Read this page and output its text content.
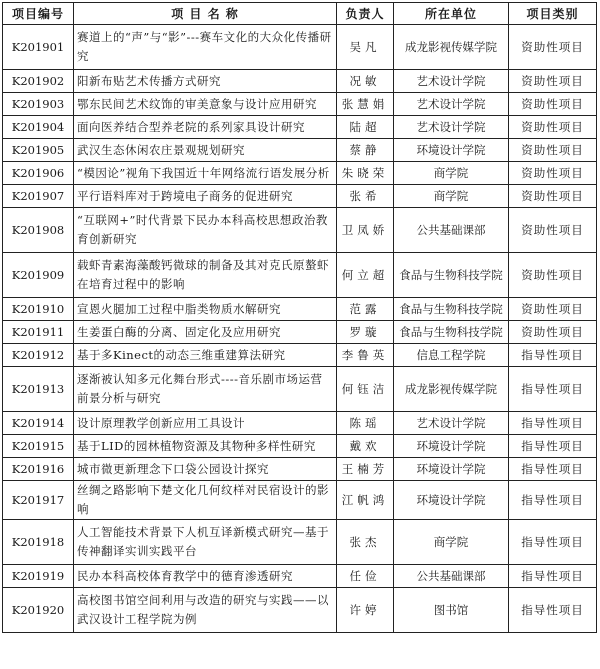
项目编号	项 目 名 称	负责人	所在单位	项目类别
K201901	赛道上的“声”与“影”---赛车文化的大众化传播研究	吴凡	成龙影视传媒学院	资助性项目
K201902	阳新布贴艺术传播方式研究	况敏	艺术设计学院	资助性项目
K201903	鄂东民间艺术纹饰的审美意象与设计应用研究	张慧娟	艺术设计学院	资助性项目
K201904	面向医养结合型养老院的系列家具设计研究	陆超	艺术设计学院	资助性项目
K201905	武汉生态休闲农庄景观规划研究	蔡静	环境设计学院	资助性项目
K201906	“模因论”视角下我国近十年网络流行语发展分析	朱晓荣	商学院	资助性项目
K201907	平行语料库对于跨境电子商务的促进研究	张希	商学院	资助性项目
K201908	“互联网+”时代背景下民办本科高校思想政治教育创新研究	卫凤娇	公共基础课部	资助性项目
K201909	载虾青素海藻酸钙微球的制备及其对克氏原螯虾在培育过程中的影响	何立超	食品与生物科技学院	资助性项目
K201910	宣恩火腿加工过程中脂类物质水解研究	范露	食品与生物科技学院	资助性项目
K201911	生姜蛋白酶的分离、固定化及应用研究	罗璇	食品与生物科技学院	资助性项目
K201912	基于多Kinect的动态三维重建算法研究	李鲁英	信息工程学院	指导性项目
K201913	逐渐被认知多元化舞台形式----音乐剧市场运营前景分析与研究	何钰洁	成龙影视传媒学院	指导性项目
K201914	设计原理教学创新应用工具设计	陈瑶	艺术设计学院	指导性项目
K201915	基于LID的园林植物资源及其物种多样性研究	戴欢	环境设计学院	指导性项目
K201916	城市微更新理念下口袋公园设计探究	王楠芳	环境设计学院	指导性项目
K201917	丝绸之路影响下楚文化几何纹样对民宿设计的影响	江帆鸿	环境设计学院	指导性项目
K201918	人工智能技术背景下人机互译新模式研究—基于传神翻译实训实践平台	张杰	商学院	指导性项目
K201919	民办本科高校体育教学中的德育渗透研究	任俭	公共基础课部	指导性项目
K201920	高校图书馆空间利用与改造的研究与实践——以武汉设计工程学院为例	许婷	图书馆	指导性项目
